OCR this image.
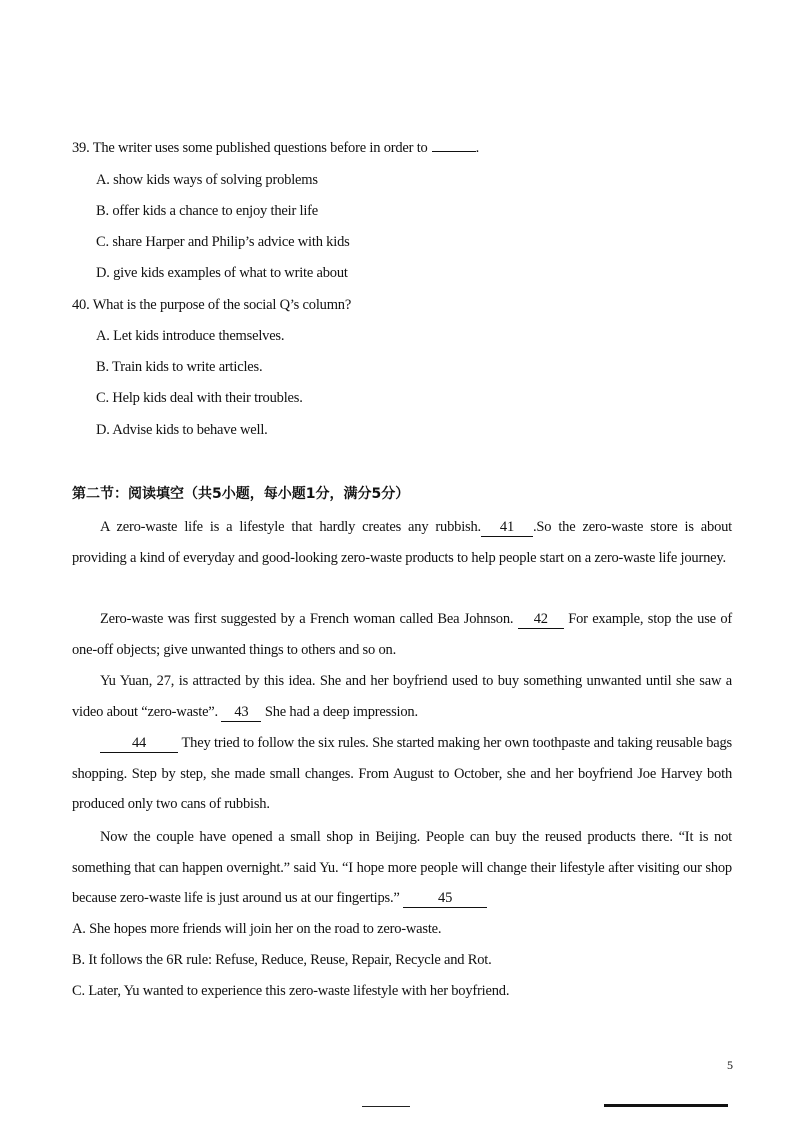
39. The writer uses some published questions before in order to	.
A. show kids ways of solving problems
B. offer kids a chance to enjoy their life
C. share Harper and Philip’s advice with kids
D. give kids examples of what to write about
40. What is the purpose of the social Q’s column?
A. Let kids introduce themselves.
B. Train kids to write articles.
C. Help kids deal with their troubles.
D. Advise kids to behave well.
第二节：阅读填空（共5小题，每小题1分，满分5分）
A zero-waste life is a lifestyle that hardly creates any rubbish. 41 .So the zero-waste store is about providing a kind of everyday and good-looking zero-waste products to help people start on a zero-waste life journey.
Zero-waste was first suggested by a French woman called Bea Johnson. 42 For example, stop the use of one-off objects; give unwanted things to others and so on.
Yu Yuan, 27, is attracted by this idea. She and her boyfriend used to buy something unwanted until she saw a video about “zero-waste”. 43 She had a deep impression.
44 They tried to follow the six rules. She started making her own toothpaste and taking reusable bags shopping. Step by step, she made small changes. From August to October, she and her boyfriend Joe Harvey both produced only two cans of rubbish.
Now the couple have opened a small shop in Beijing. People can buy the reused products there. “It is not something that can happen overnight.” said Yu. “I hope more people will change their lifestyle after visiting our shop because zero-waste life is just around us at our fingertips.”	45
A. She hopes more friends will join her on the road to zero-waste.
B. It follows the 6R rule: Refuse, Reduce, Reuse, Repair, Recycle and Rot.
C. Later, Yu wanted to experience this zero-waste lifestyle with her boyfriend.
5
